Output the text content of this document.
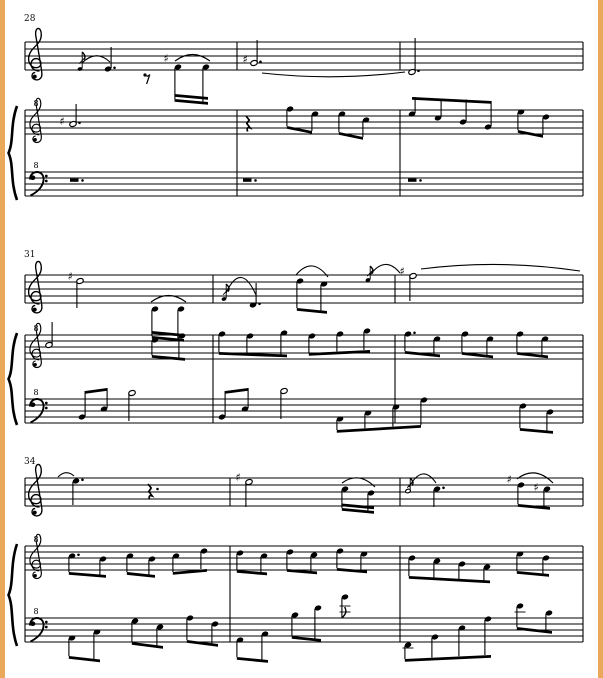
28
31
34
8
8
♯	♯
♯
8
8
♯	♯
8
8
♯	♯
♯
